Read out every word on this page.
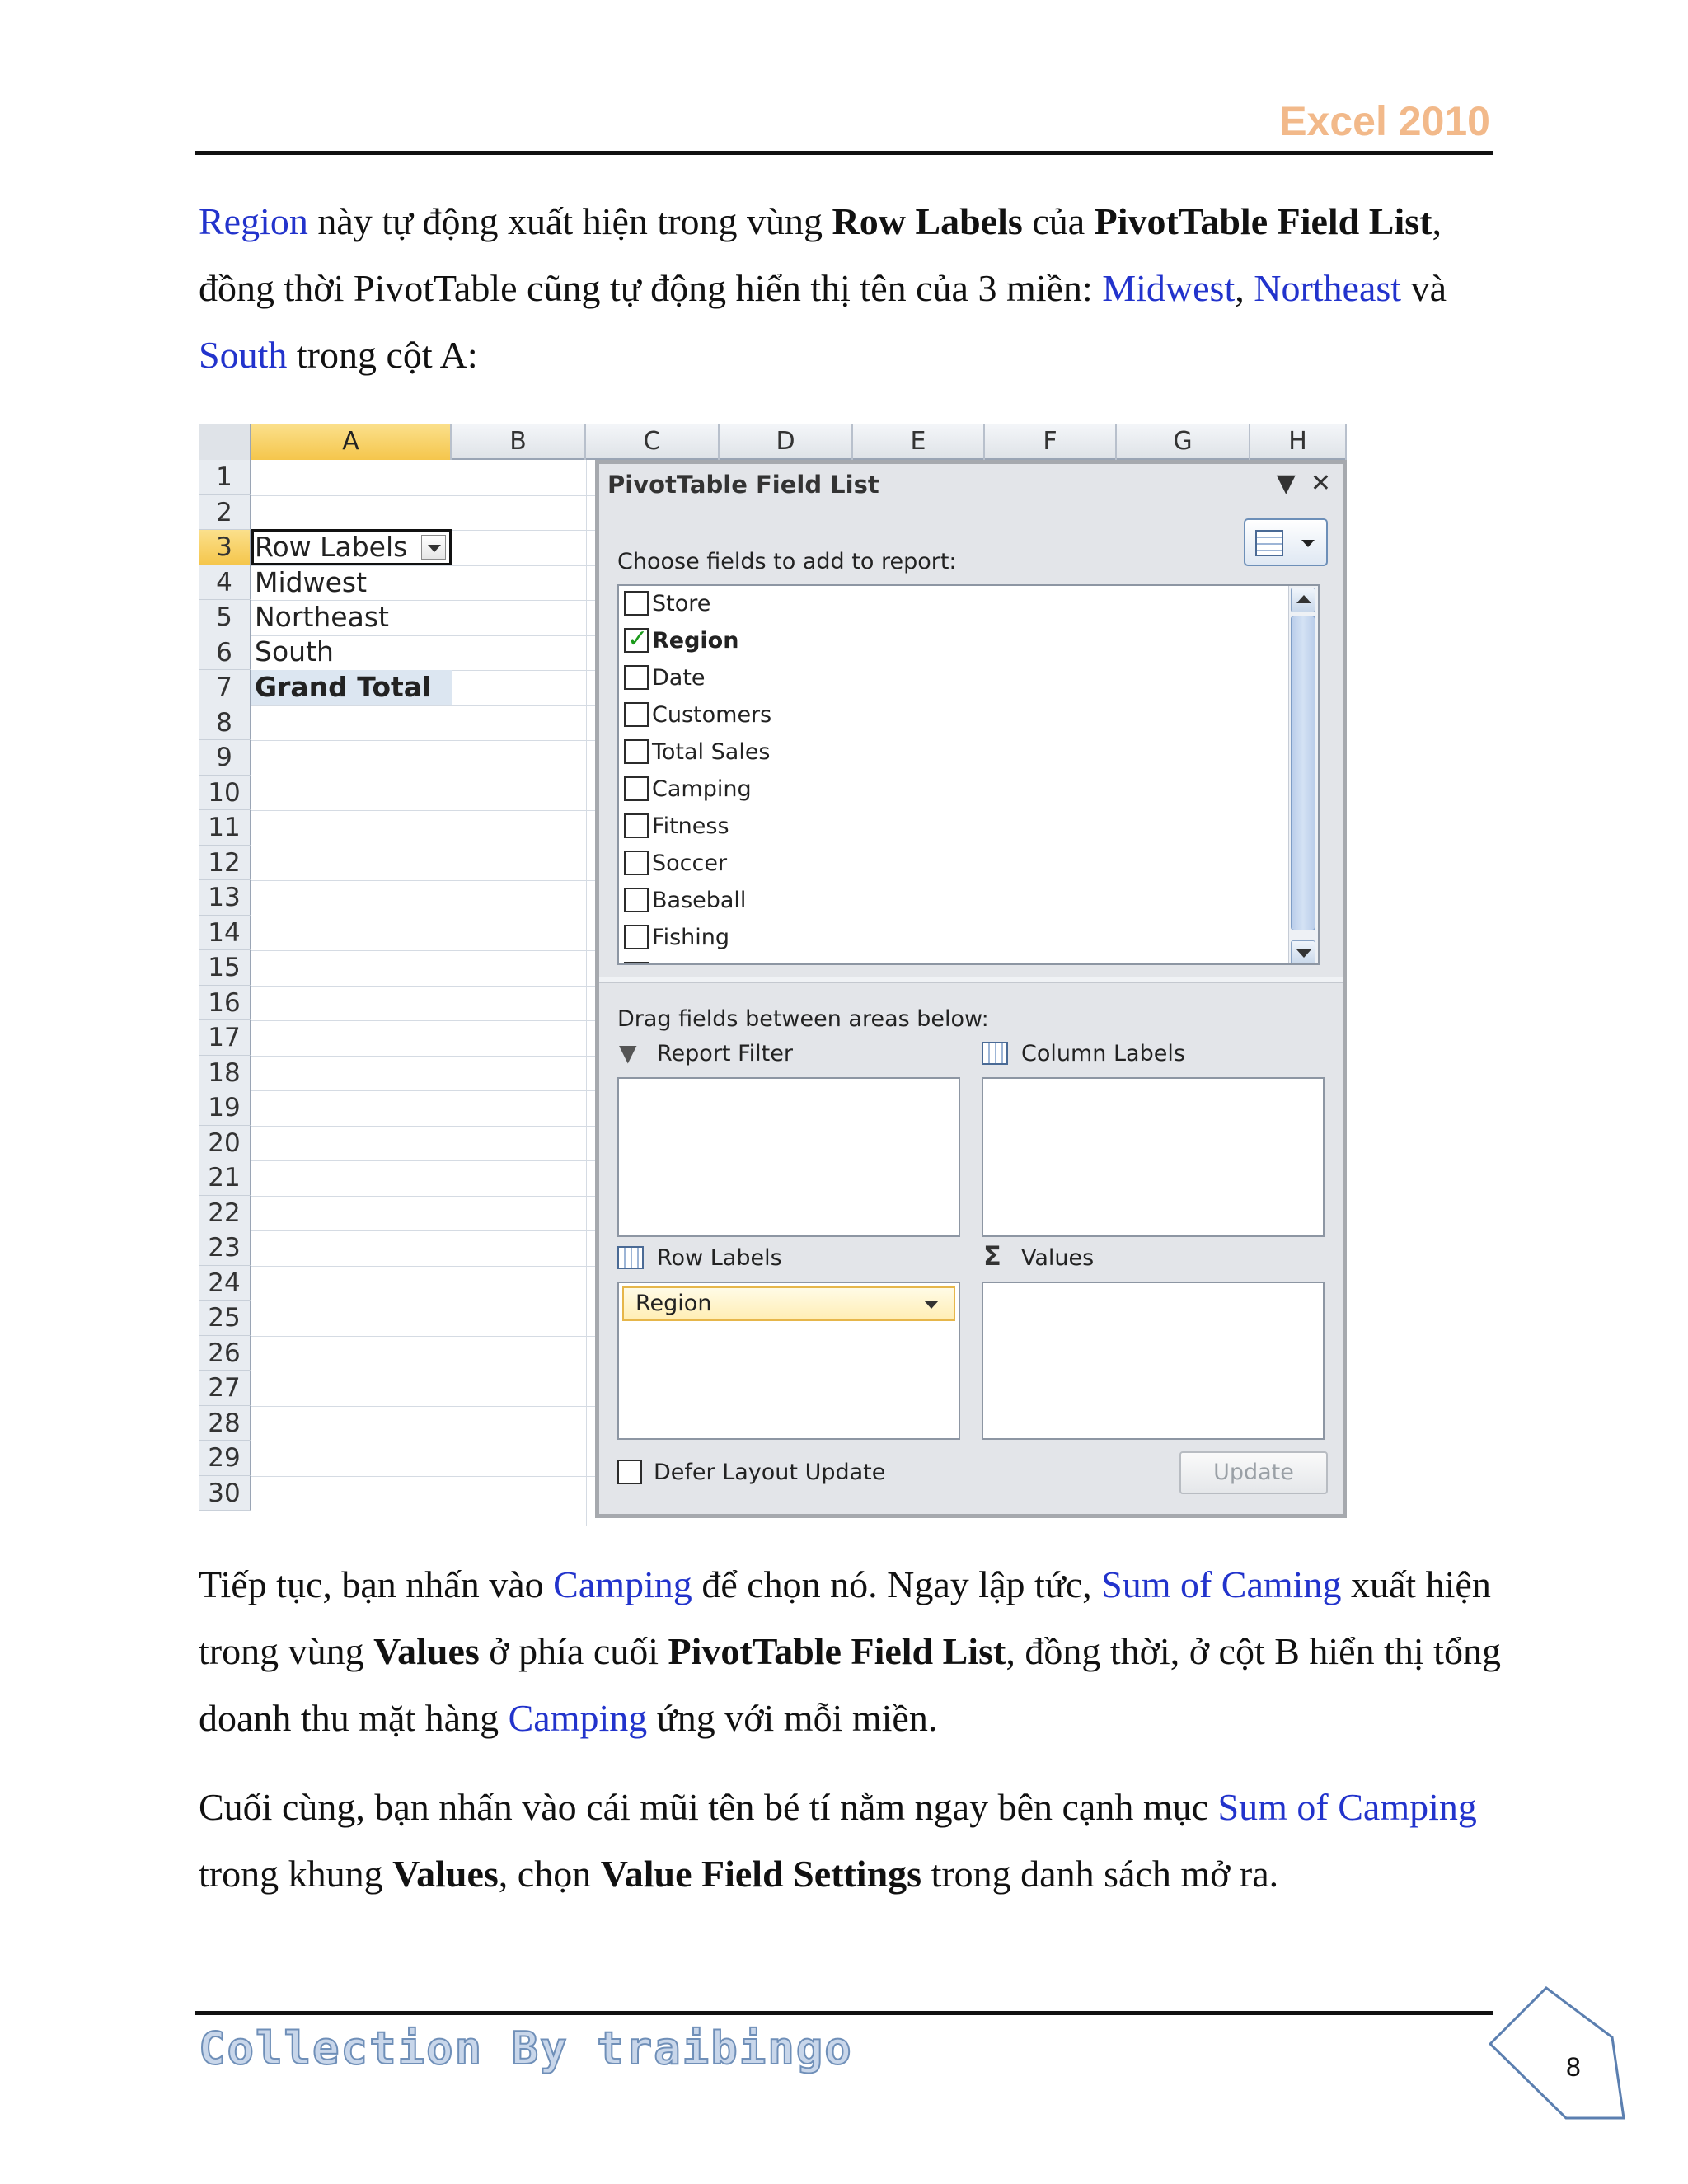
Excel 2010

Region này tự động xuất hiện trong vùng Row Labels của PivotTable Field List, đồng thời PivotTable cũng tự động hiển thị tên của 3 miền: Midwest, Northeast và South trong cột A:

A	B	C	D	E	F	G	H
1
2
3
4
5
6
7
8
9
10
11
12
13
14
15
16
17
18
19
20
21
22
23
24
25
26
27
28
29
30
Row Labels
Midwest
Northeast
South
Grand Total
PivotTable Field List	▼ ✕
Choose fields to add to report:
Store
✓Region
Date
Customers
Total Sales
Camping
Fitness
Soccer
Baseball
Fishing
Drag fields between areas below:
▼Report Filter	Column Labels
Row Labels
Σ	Values
Region
Defer Layout Update	Update

Tiếp tục, bạn nhấn vào Camping để chọn nó. Ngay lập tức, Sum of Caming xuất hiện trong vùng Values ở phía cuối PivotTable Field List, đồng thời, ở cột B hiển thị tổng doanh thu mặt hàng Camping ứng với mỗi miền.

Cuối cùng, bạn nhấn vào cái mũi tên bé tí nằm ngay bên cạnh mục Sum of Camping trong khung Values, chọn Value Field Settings trong danh sách mở ra.

Collection By traibingo	8
